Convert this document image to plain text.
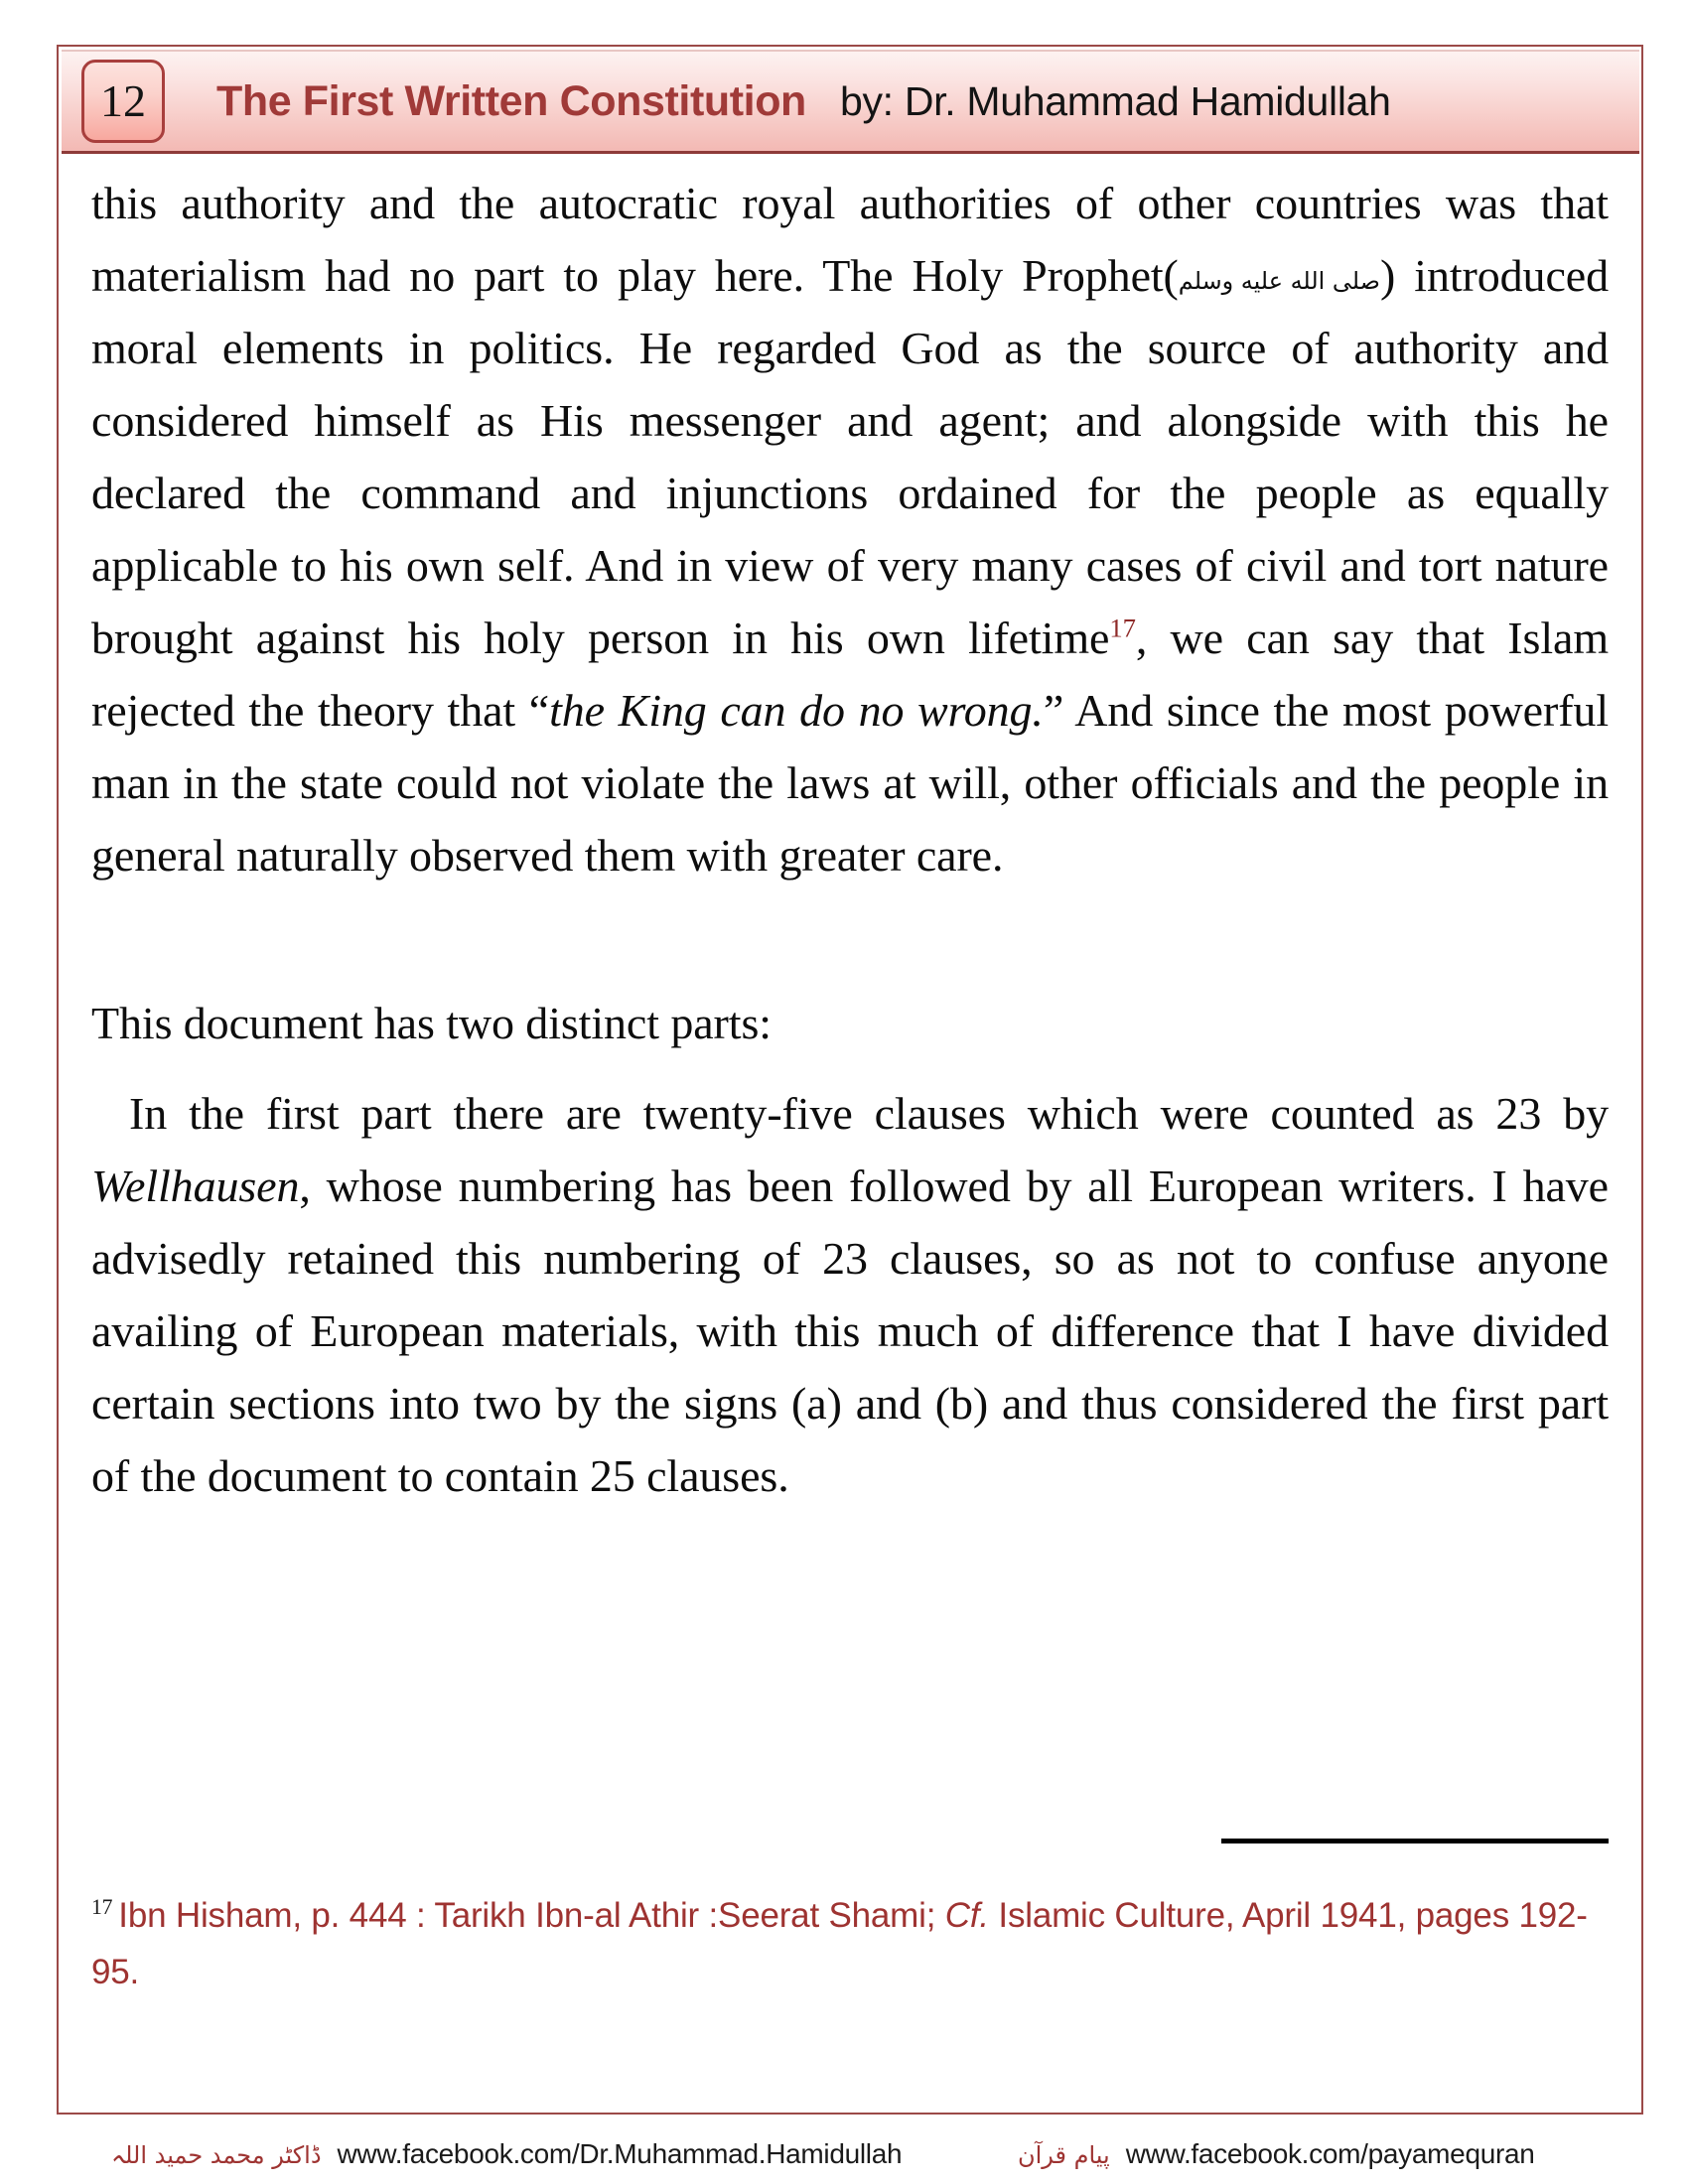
12	The First Written Constitution by: Dr. Muhammad Hamidullah

this authority and the autocratic royal authorities of other countries was that materialism had no part to play here. The Holy Prophet(صلى الله عليه وسلم) introduced moral elements in politics. He regarded God as the source of authority and considered himself as His messenger and agent; and alongside with this he declared the command and injunctions ordained for the people as equally applicable to his own self. And in view of very many cases of civil and tort nature brought against his holy person in his own lifetime$^{17}$, we can say that Islam rejected the theory that “the King can do no wrong.” And since the most powerful man in the state could not violate the laws at will, other officials and the people in general naturally observed them with greater care.

This document has two distinct parts:

In the first part there are twenty-five clauses which were counted as 23 by Wellhausen, whose numbering has been followed by all European writers. I have advisedly retained this numbering of 23 clauses, so as not to confuse anyone availing of European materials, with this much of difference that I have divided certain sections into two by the signs (a) and (b) and thus considered the first part of the document to contain 25 clauses.

$^{17}$ Ibn Hisham, p. 444 : Tarikh Ibn-al Athir :Seerat Shami; Cf. Islamic Culture, April 1941, pages 192-95.
ڈاکٹر محمد حمید اللہ www.facebook.com/Dr.Muhammad.Hamidullah	پیام قرآن www.facebook.com/payamequran
